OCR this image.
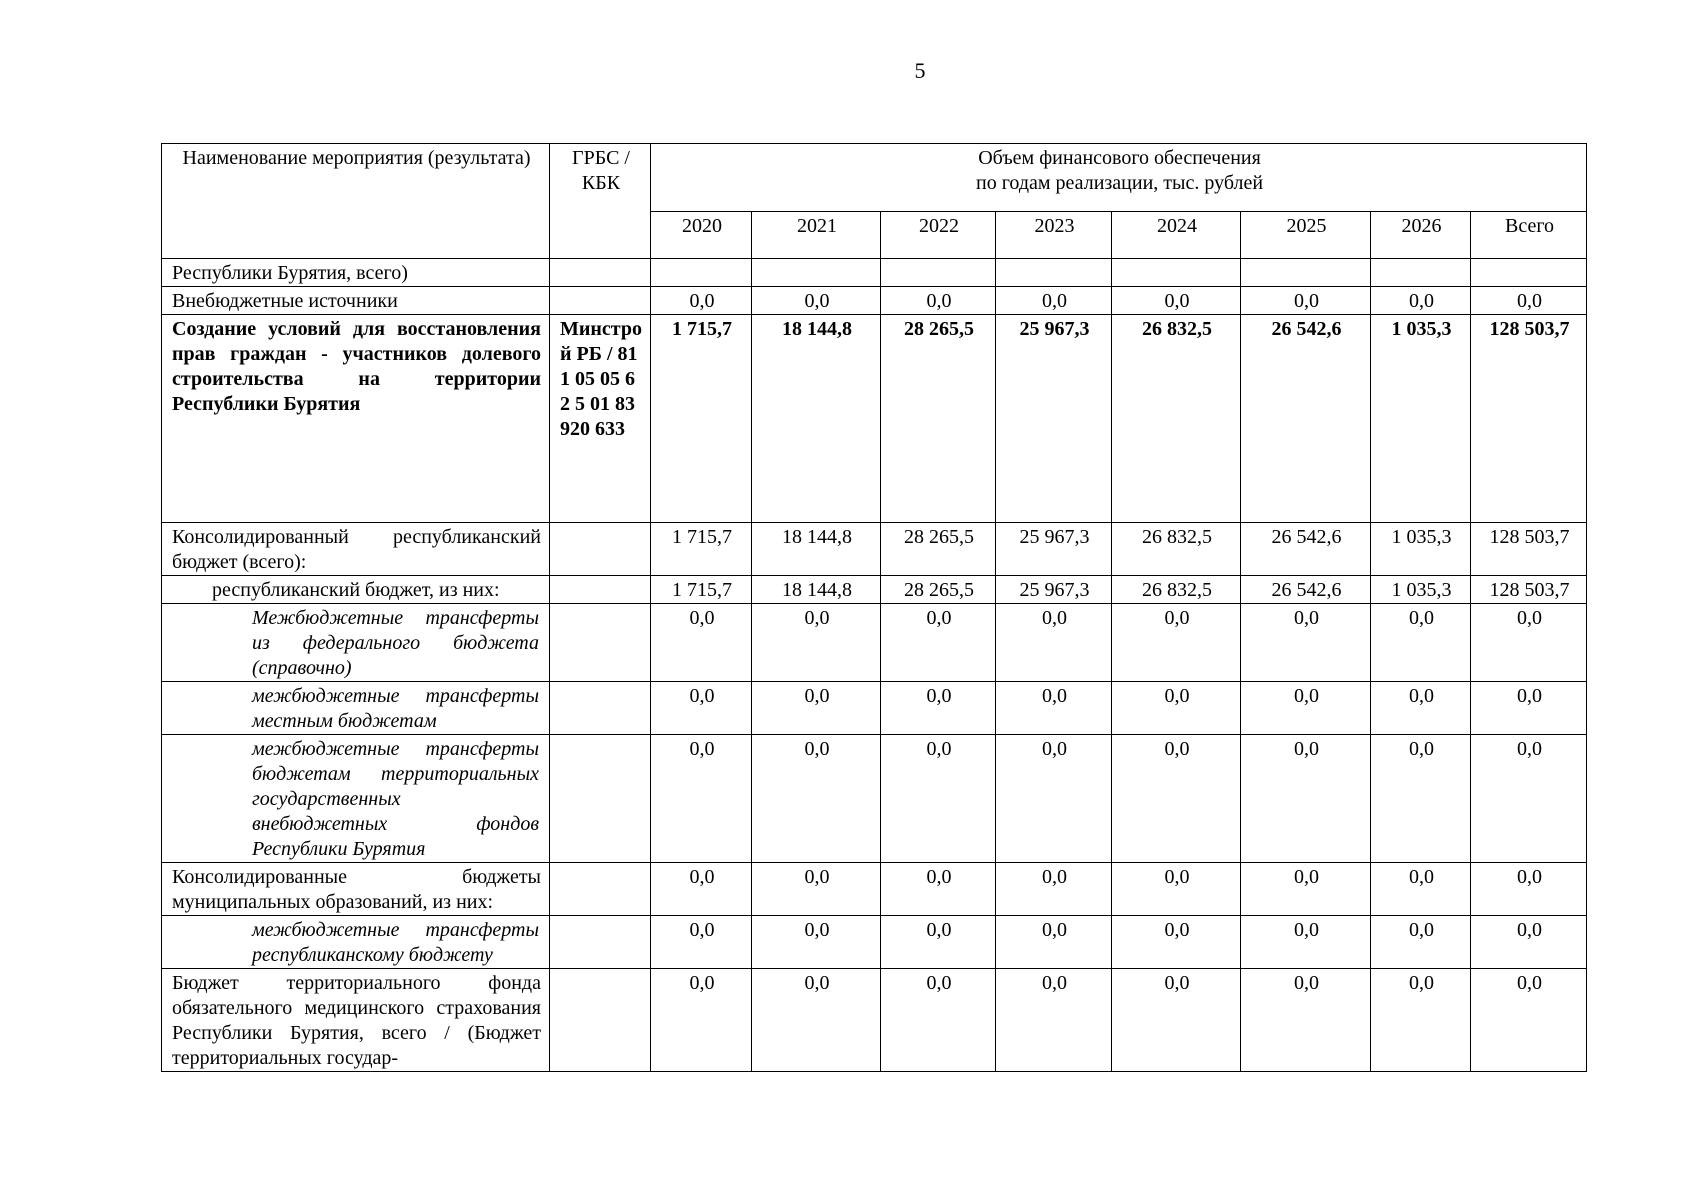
5
Наименование мероприятия (результата)	ГРБС / КБК	Объем финансового обеспечения
по годам реализации, тыс. рублей							

		2020	2021	2022	2023	2024	2025	2026	Всего
Республики Бурятия, всего)									
Внебюджетные источники		0,0	0,0	0,0	0,0	0,0	0,0	0,0	0,0
Создание условий для восстановления прав граждан - участников долевого строительства на территории Республики Бурятия	Минстрой РБ / 811 05 05 62 5 01 83920 633	1 715,7	18 144,8	28 265,5	25 967,3	26 832,5	26 542,6	1 035,3	128 503,7
Консолидированный республиканский бюджет (всего):		1 715,7	18 144,8	28 265,5	25 967,3	26 832,5	26 542,6	1 035,3	128 503,7
республиканский бюджет, из них:		1 715,7	18 144,8	28 265,5	25 967,3	26 832,5	26 542,6	1 035,3	128 503,7
Межбюджетные трансферты из федерального бюджета (справочно)		0,0	0,0	0,0	0,0	0,0	0,0	0,0	0,0
межбюджетные трансферты местным бюджетам		0,0	0,0	0,0	0,0	0,0	0,0	0,0	0,0
межбюджетные трансферты бюджетам территориальных государственных внебюджетных фондов Республики Бурятия		0,0	0,0	0,0	0,0	0,0	0,0	0,0	0,0
Консолидированные бюджеты муниципальных образований, из них:		0,0	0,0	0,0	0,0	0,0	0,0	0,0	0,0
межбюджетные трансферты республиканскому бюджету		0,0	0,0	0,0	0,0	0,0	0,0	0,0	0,0
Бюджет территориального фонда обязательного медицинского страхования Республики Бурятия, всего / (Бюджет территориальных государ-		0,0	0,0	0,0	0,0	0,0	0,0	0,0	0,0
